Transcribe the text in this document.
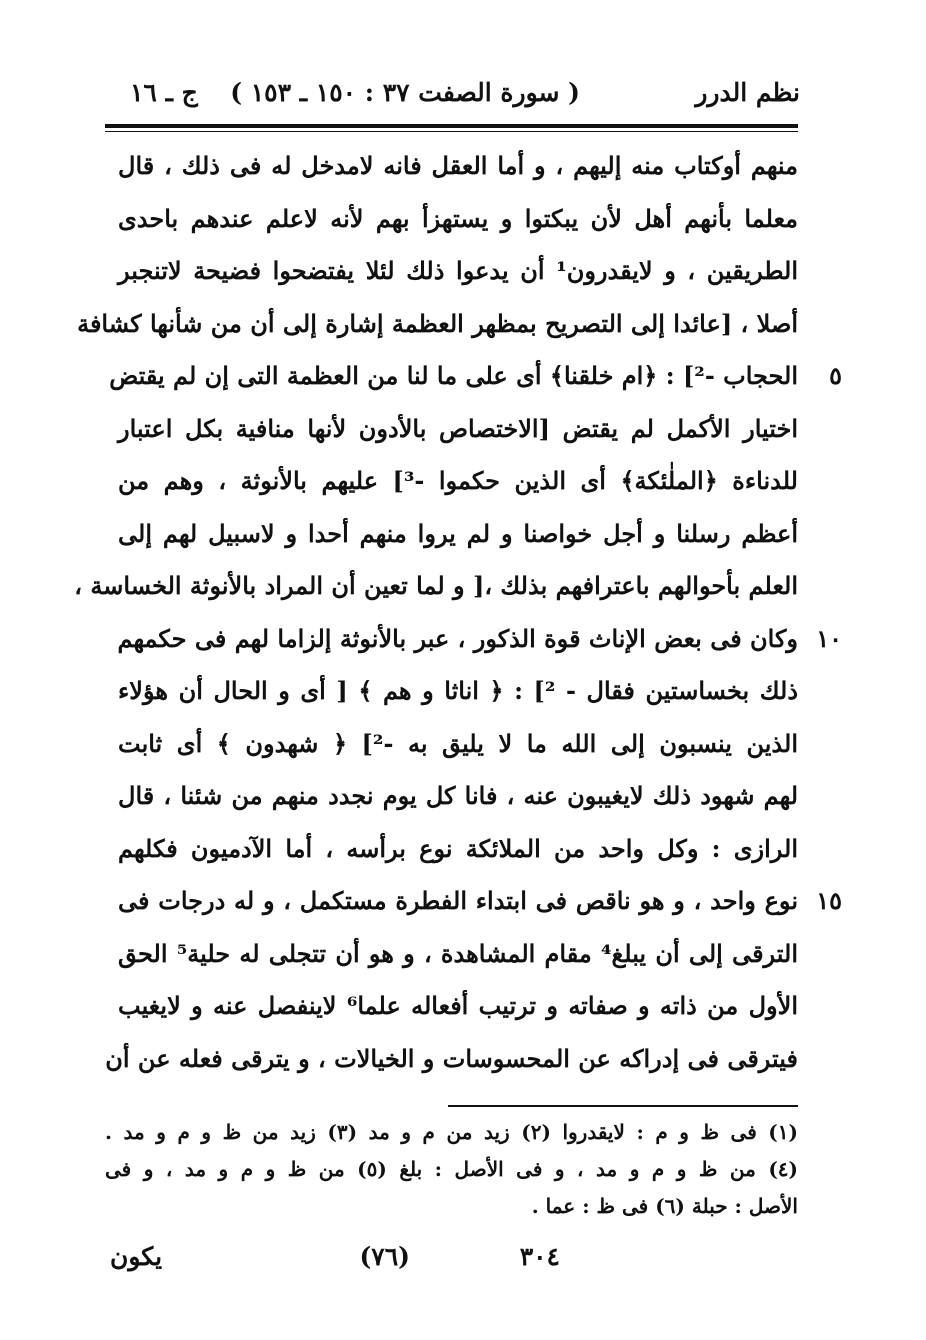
نظم الدرر
( سورة الصفت ٣٧ : ١٥٠ ـ ١٥٣ )
ج ـ ١٦
منهم أوكتاب منه إليهم ، و أما العقل فانه لامدخل له فى ذلك ، قال
معلما بأنهم أهل لأن يبكتوا و يستهزأ بهم لأنه لاعلم عندهم باحدى
الطريقين ، و لايقدرون¹ أن يدعوا ذلك لئلا يفتضحوا فضيحة لاتنجبر
أصلا ، [عائدا إلى التصريح بمظهر العظمة إشارة إلى أن من شأنها كشافة
٥
الحجاب -²] : ﴿ام خلقنا﴾ أى على ما لنا من العظمة التى إن لم يقتض
اختيار الأكمل لم يقتض [الاختصاص بالأدون لأنها منافية بكل اعتبار
للدناءة ﴿الملٰئكة﴾ أى الذين حكموا -³] عليهم بالأنوثة ، وهم من
أعظم رسلنا و أجل خواصنا و لم يروا منهم أحدا و لاسبيل لهم إلى
العلم بأحوالهم باعترافهم بذلك ،[ و لما تعين أن المراد بالأنوثة الخساسة ،
١٠
وكان فى بعض الإناث قوة الذكور ، عبر بالأنوثة إلزاما لهم فى حكمهم
ذلك بخساستين فقال - ²] : ﴿ اناثا و هم ﴾ [ أى و الحال أن هؤلاء
الذين ينسبون إلى الله ما لا يليق به -²] ﴿ شهدون ﴾ أى ثابت
لهم شهود ذلك لايغيبون عنه ، فانا كل يوم نجدد منهم من شئنا ، قال
الرازى : وكل واحد من الملائكة نوع برأسه ، أما الآدميون فكلهم
١٥
نوع واحد ، و هو ناقص فى ابتداء الفطرة مستكمل ، و له درجات فى
الترقى إلى أن يبلغ⁴ مقام المشاهدة ، و هو أن تتجلى له حلية⁵ الحق
الأول من ذاته و صفاته و ترتيب أفعاله علما⁶ لاينفصل عنه و لايغيب
فيترقى فى إدراكه عن المحسوسات و الخيالات ، و يترقى فعله عن أن
(١) فى ظ و م : لايقدروا (٢) زيد من م و مد (٣) زيد من ظ و م و مد .
(٤) من ظ و م و مد ، و فى الأصل : بلغ (٥) من ظ و م و مد ، و فى
الأصل : حبلة (٦) فى ظ : عما .
٣٠٤
(٧٦)
يكون
